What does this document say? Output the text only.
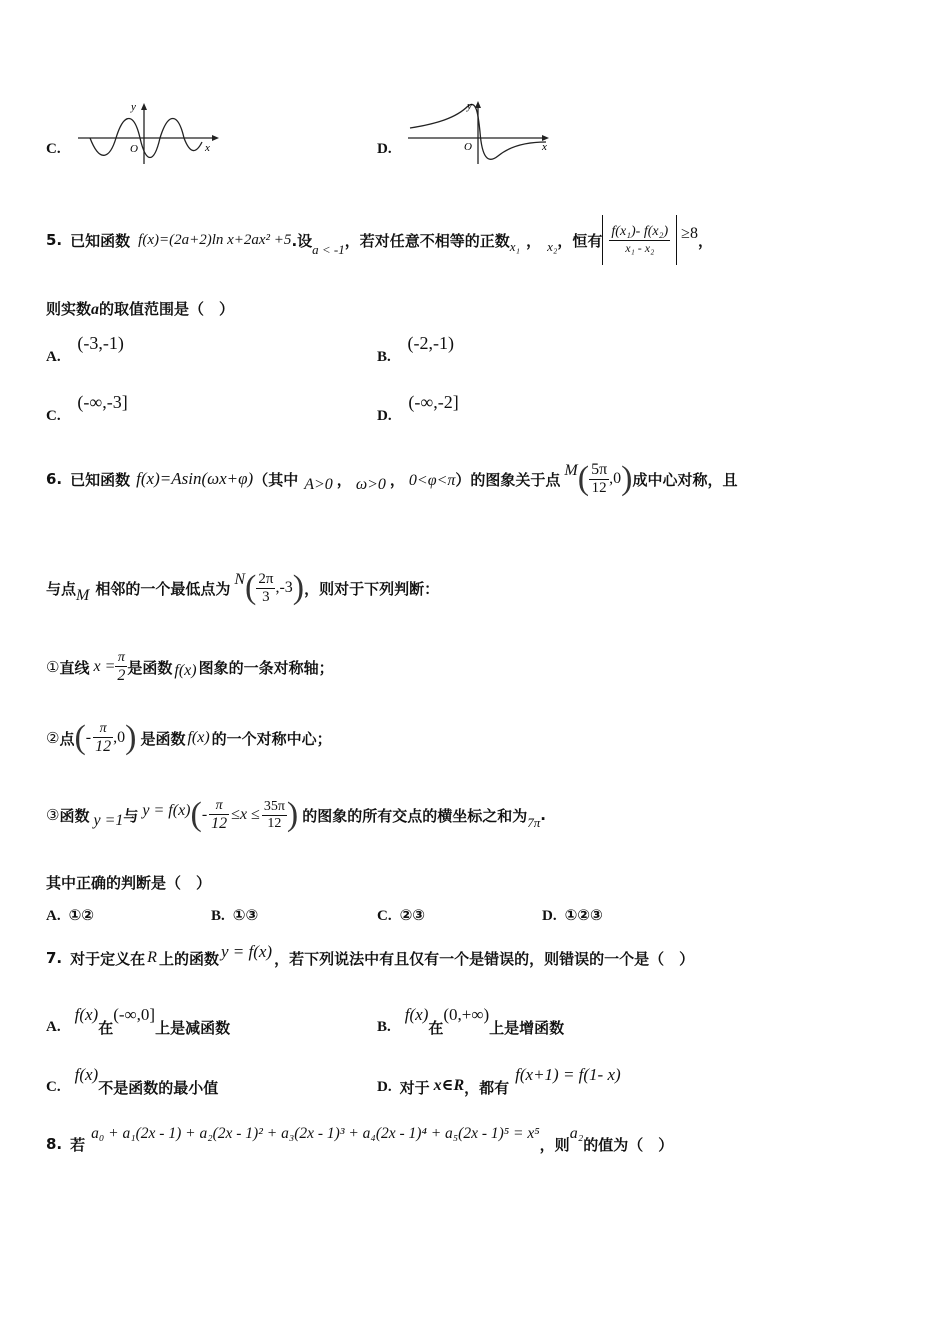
C.
y
O	x	D.
y
O	x
5. 已知函数 f(x)=(2a+2)ln x+2ax² +5 .设 a < -1 ，若对任意不相等的正数 x₁ ， x₂ ，恒有 $\frac{\text{f(x₁)- f(x₂)}}{\text{x₁ - x₂}} \ge 8$ ，
则实数a的取值范围是（　）
A. (-3,-1)
B. (-2,-1)
C. (-∞,-3]
D. (-∞,-2]
6. 已知函数 f(x)=Asin(ωx+φ) （其中 A>0 ， ω>0 ， 0<φ<π ）的图象关于点 M ( $\frac{5\pi}{12} ,0$ ) 成中心对称，且
与点 M 相邻的一个最低点为 N ( $\frac{2\pi}{3} ,-3$ ) ，则对于下列判断：
① 直线 $x = \frac{\pi}{2}$ 是函数 f(x) 图象的一条对称轴；
② 点 ( - $\frac{\pi}{12} ,0$ ) 是函数 f(x) 的一个对称中心；
③ 函数 y =1 与 y = f(x) ( - $\frac{\pi}{12} \le x \le \frac{35\pi}{12}$ ) 的图象的所有交点的横坐标之和为 7π .
其中正确的判断是（　）
A. ①②	B. ①③	C. ②③	D. ①②③
7. 对于定义在 R 上的函数 y = f(x) ，若下列说法中有且仅有一个是错误的，则错误的一个是（　）
A.
f(x)
在
(-∞,0]
上是减函数	B.
f(x)
在
(0,+∞)
上是增函数
C.
f(x)
不是函数的最小值	D. 对于 x∈R ，都有
f(x+1) = f(1- x)
8. 若
a₀ + a₁(2x - 1) + a₂(2x - 1)² + a₃(2x - 1)³ + a₄(2x - 1)⁴ + a₅(2x - 1)⁵ = x⁵
，则
a₂
的值为（　）
